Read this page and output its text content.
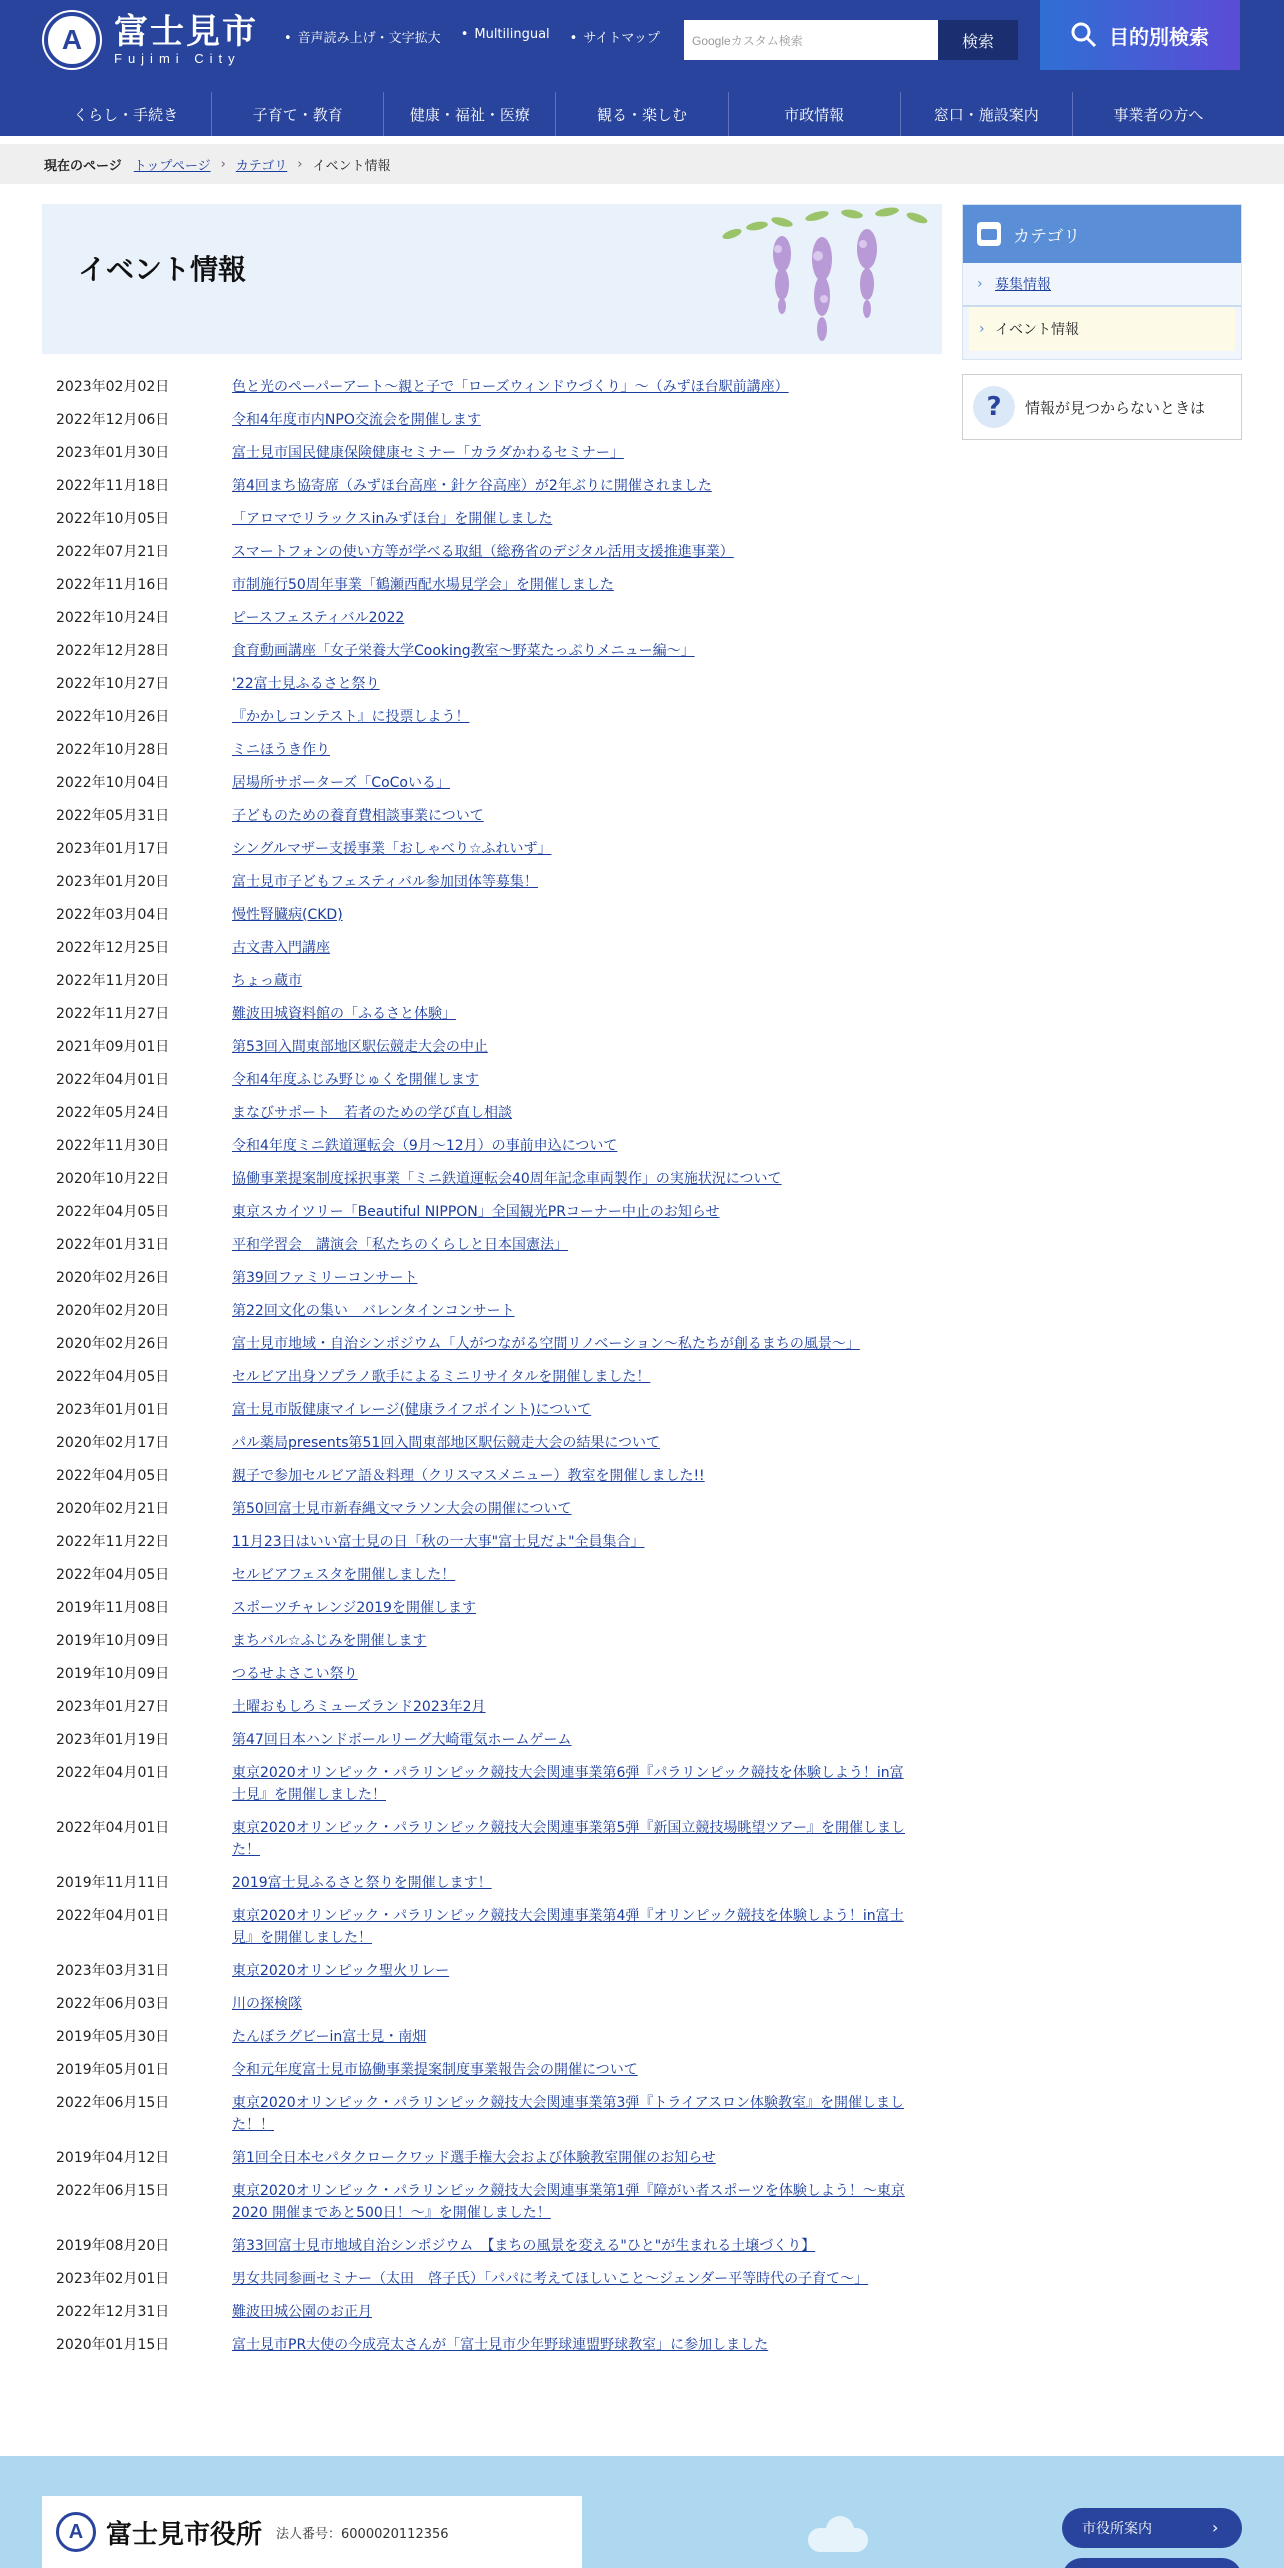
A 富士見市
Fujimi City
• 音声読み上げ・文字拡大	• Multilingual	• サイトマップ	Googleカスタム検索	検索	目的別検索
くらし・手続き	子育て・教育	健康・福祉・医療	観る・楽しむ	市政情報	窓口・施設案内	事業者の方へ
現在のページ トップページ › カテゴリ › イベント情報
イベント情報
2023年02月02日	色と光のペーパーアート～親と子で「ローズウィンドウづくり」～（みずほ台駅前講座）
2022年12月06日	令和4年度市内NPO交流会を開催します
2023年01月30日	富士見市国民健康保険健康セミナー「カラダかわるセミナー」
2022年11月18日	第4回まち協寄席（みずほ台高座・針ケ谷高座）が2年ぶりに開催されました
2022年10月05日	「アロマでリラックスinみずほ台」を開催しました
2022年07月21日	スマートフォンの使い方等が学べる取組（総務省のデジタル活用支援推進事業）
2022年11月16日	市制施行50周年事業「鶴瀬西配水場見学会」を開催しました
2022年10月24日	ピースフェスティバル2022
2022年12月28日	食育動画講座「女子栄養大学Cooking教室～野菜たっぷりメニュー編～」
2022年10月27日	'22富士見ふるさと祭り
2022年10月26日	『かかしコンテスト』に投票しよう！
2022年10月28日	ミニほうき作り
2022年10月04日	居場所サポーターズ「CoCoいる」
2022年05月31日	子どものための養育費相談事業について
2023年01月17日	シングルマザー支援事業「おしゃべり☆ふれいず」
2023年01月20日	富士見市子どもフェスティバル参加団体等募集！
2022年03月04日	慢性腎臓病(CKD)
2022年12月25日	古文書入門講座
2022年11月20日	ちょっ蔵市
2022年11月27日	難波田城資料館の「ふるさと体験」
2021年09月01日	第53回入間東部地区駅伝競走大会の中止
2022年04月01日	令和4年度ふじみ野じゅくを開催します
2022年05月24日	まなびサポート　若者のための学び直し相談
2022年11月30日	令和4年度ミニ鉄道運転会（9月～12月）の事前申込について
2020年10月22日	協働事業提案制度採択事業「ミニ鉄道運転会40周年記念車両製作」の実施状況について
2022年04月05日	東京スカイツリー「Beautiful NIPPON」全国観光PRコーナー中止のお知らせ
2022年01月31日	平和学習会　講演会「私たちのくらしと日本国憲法」
2020年02月26日	第39回ファミリーコンサート
2020年02月20日	第22回文化の集い　バレンタインコンサート
2020年02月26日	富士見市地域・自治シンポジウム「人がつながる空間リノベーション～私たちが創るまちの風景～」
2022年04月05日	セルビア出身ソプラノ歌手によるミニリサイタルを開催しました！
2023年01月01日	富士見市版健康マイレージ(健康ライフポイント)について
2020年02月17日	パル薬局presents第51回入間東部地区駅伝競走大会の結果について
2022年04月05日	親子で参加セルビア語＆料理（クリスマスメニュー）教室を開催しました!!
2020年02月21日	第50回富士見市新春縄文マラソン大会の開催について
2022年11月22日	11月23日はいい富士見の日「秋の一大事"富士見だよ"全員集合」
2022年04月05日	セルビアフェスタを開催しました！
2019年11月08日	スポーツチャレンジ2019を開催します
2019年10月09日	まちバル☆ふじみを開催します
2019年10月09日	つるせよさこい祭り
2023年01月27日	土曜おもしろミューズランド2023年2月
2023年01月19日	第47回日本ハンドボールリーグ大崎電気ホームゲーム
2022年04月01日	東京2020オリンピック・パラリンピック競技大会関連事業第6弾『パラリンピック競技を体験しよう！in富士見』を開催しました！
2022年04月01日	東京2020オリンピック・パラリンピック競技大会関連事業第5弾『新国立競技場眺望ツアー』を開催しました！
2019年11月11日	2019富士見ふるさと祭りを開催します！
2022年04月01日	東京2020オリンピック・パラリンピック競技大会関連事業第4弾『オリンピック競技を体験しよう！in富士見』を開催しました！
2023年03月31日	東京2020オリンピック聖火リレー
2022年06月03日	川の探検隊
2019年05月30日	たんぼラグビーin富士見・南畑
2019年05月01日	令和元年度富士見市協働事業提案制度事業報告会の開催について
2022年06月15日	東京2020オリンピック・パラリンピック競技大会関連事業第3弾『トライアスロン体験教室』を開催しました！！
2019年04月12日	第1回全日本セパタクロークワッド選手権大会および体験教室開催のお知らせ
2022年06月15日	東京2020オリンピック・パラリンピック競技大会関連事業第1弾『障がい者スポーツを体験しよう！～東京2020 開催まであと500日！～』を開催しました！
2019年08月20日	第33回富士見市地域自治シンポジウム　【まちの風景を変える"ひと"が生まれる土壌づくり】
2023年02月01日	男女共同参画セミナー（太田　啓子氏）「パパに考えてほしいこと～ジェンダー平等時代の子育て～」
2022年12月31日	難波田城公園のお正月
2020年01月15日	富士見市PR大使の今成亮太さんが「富士見市少年野球連盟野球教室」に参加しました
カテゴリ
› 募集情報
› イベント情報
?	情報が見つからないときは
A 富士見市役所 法人番号：6000020112356	市役所案内	›
